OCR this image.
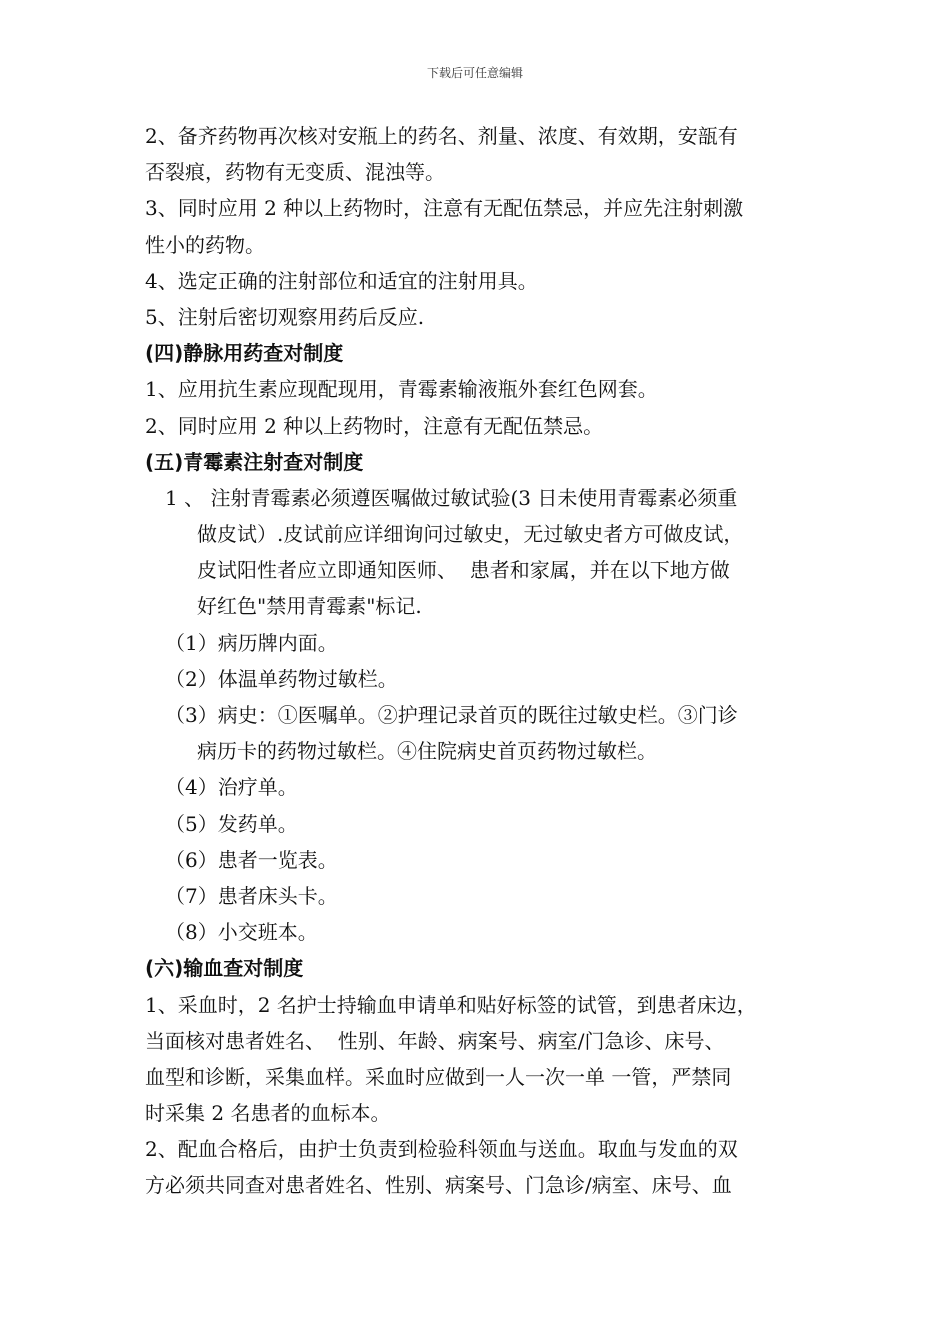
下载后可任意编辑
2、备齐药物再次核对安瓶上的药名、剂量、浓度、有效期，安瓿有
否裂痕，药物有无变质、混浊等。
3、同时应用 2 种以上药物时，注意有无配伍禁忌，并应先注射刺激
性小的药物。
4、选定正确的注射部位和适宜的注射用具。
5、注射后密切观察用药后反应.
(四)静脉用药查对制度
1、应用抗生素应现配现用，青霉素输液瓶外套红色网套。
2、同时应用 2 种以上药物时，注意有无配伍禁忌。
(五)青霉素注射查对制度
1 、 注射青霉素必须遵医嘱做过敏试验(3 日未使用青霉素必须重
做皮试）.皮试前应详细询问过敏史，无过敏史者方可做皮试，
皮试阳性者应立即通知医师、  患者和家属，并在以下地方做
好红色"禁用青霉素"标记.
（1）病历牌内面。
（2）体温单药物过敏栏。
（3）病史：①医嘱单。②护理记录首页的既往过敏史栏。③门诊
病历卡的药物过敏栏。④住院病史首页药物过敏栏。
（4）治疗单。
（5）发药单。
（6）患者一览表。
（7）患者床头卡。
（8）小交班本。
(六)输血查对制度
1、采血时，2 名护士持输血申请单和贴好标签的试管，到患者床边，
当面核对患者姓名、  性别、年龄、病案号、病室/门急诊、床号、
血型和诊断，采集血样。采血时应做到一人一次一单 一管，严禁同
时采集 2 名患者的血标本。
2、配血合格后，由护士负责到检验科领血与送血。取血与发血的双
方必须共同查对患者姓名、性别、病案号、门急诊/病室、床号、血
